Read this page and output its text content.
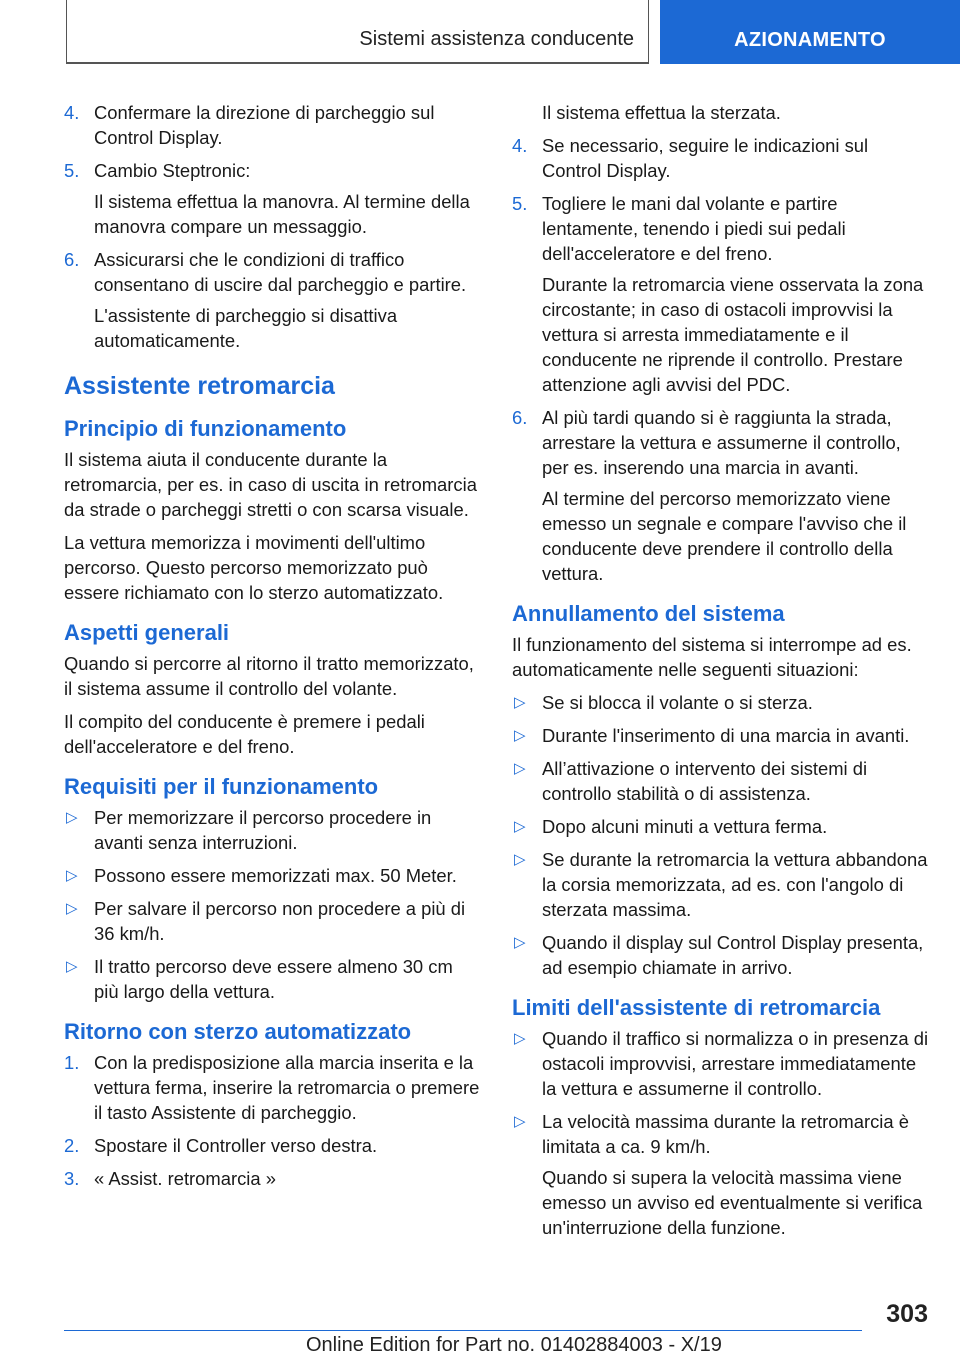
Sistemi assistenza conducente	AZIONAMENTO
4. Confermare la direzione di parcheggio sul Control Display.
5. Cambio Steptronic:
Il sistema effettua la manovra. Al termine della manovra compare un messaggio.
6. Assicurarsi che le condizioni di traffico consentano di uscire dal parcheggio e partire.
L'assistente di parcheggio si disattiva automaticamente.
Assistente retromarcia
Principio di funzionamento

Il sistema aiuta il conducente durante la retromarcia, per es. in caso di uscita in retromarcia da strade o parcheggi stretti o con scarsa visuale.

La vettura memorizza i movimenti dell'ultimo percorso. Questo percorso memorizzato può essere richiamato con lo sterzo automatizzato.

Aspetti generali

Quando si percorre al ritorno il tratto memorizzato, il sistema assume il controllo del volante.

Il compito del conducente è premere i pedali dell'acceleratore e del freno.

Requisiti per il funzionamento
▷ Per memorizzare il percorso procedere in avanti senza interruzioni.
▷ Possono essere memorizzati max. 50 Meter.
▷ Per salvare il percorso non procedere a più di 36 km/h.
▷ Il tratto percorso deve essere almeno 30 cm più largo della vettura.
Ritorno con sterzo automatizzato
1. Con la predisposizione alla marcia inserita e la vettura ferma, inserire la retromarcia o premere il tasto Assistente di parcheggio.
2. Spostare il Controller verso destra.
3. « Assist. retromarcia »
Il sistema effettua la sterzata.
4. Se necessario, seguire le indicazioni sul Control Display.
5. Togliere le mani dal volante e partire lentamente, tenendo i piedi sui pedali dell'acceleratore e del freno.
Durante la retromarcia viene osservata la zona circostante; in caso di ostacoli improvvisi la vettura si arresta immediatamente e il conducente ne riprende il controllo. Prestare attenzione agli avvisi del PDC.
6. Al più tardi quando si è raggiunta la strada, arrestare la vettura e assumerne il controllo, per es. inserendo una marcia in avanti.
Al termine del percorso memorizzato viene emesso un segnale e compare l'avviso che il conducente deve prendere il controllo della vettura.
Annullamento del sistema

Il funzionamento del sistema si interrompe ad es. automaticamente nelle seguenti situazioni:

▷ Se si blocca il volante o si sterza.
▷ Durante l'inserimento di una marcia in avanti.
▷ All’attivazione o intervento dei sistemi di controllo stabilità o di assistenza.
▷ Dopo alcuni minuti a vettura ferma.
▷ Se durante la retromarcia la vettura abbandona la corsia memorizzata, ad es. con l'angolo di sterzata massima.
▷ Quando il display sul Control Display presenta, ad esempio chiamate in arrivo.
Limiti dell'assistente di retromarcia
▷ Quando il traffico si normalizza o in presenza di ostacoli improvvisi, arrestare immediatamente la vettura e assumerne il controllo.
▷ La velocità massima durante la retromarcia è limitata a ca. 9 km/h.
Quando si supera la velocità massima viene emesso un avviso ed eventualmente si verifica un'interruzione della funzione.
303
Online Edition for Part no. 01402884003 - X/19
